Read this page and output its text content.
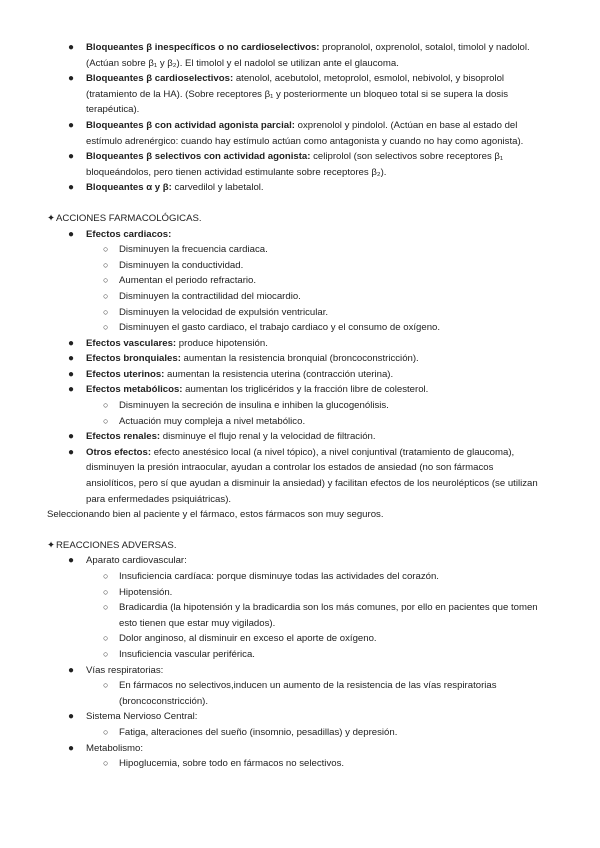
● Bloqueantes β inespecíficos o no cardioselectivos: propranolol, oxprenolol, sotalol, timolol y nadolol. (Actúan sobre β₁ y β₂). El timolol y el nadolol se utilizan ante el glaucoma.
● Bloqueantes β cardioselectivos: atenolol, acebutolol, metoprolol, esmolol, nebivolol, y bisoprolol (tratamiento de la HA). (Sobre receptores β₁ y posteriormente un bloqueo total si se supera la dosis terapéutica).
● Bloqueantes β con actividad agonista parcial: oxprenolol y pindolol. (Actúan en base al estado del estímulo adrenérgico: cuando hay estímulo actúan como antagonista y cuando no hay como agonista).
● Bloqueantes β selectivos con actividad agonista: celiprolol (son selectivos sobre receptores β₁ bloqueándolos, pero tienen actividad estimulante sobre receptores β₂).
● Bloqueantes α y β: carvedilol y labetalol.
✦ACCIONES FARMACOLÓGICAS.
● Efectos cardiacos:
○ Disminuyen la frecuencia cardiaca.
○ Disminuyen la conductividad.
○ Aumentan el periodo refractario.
○ Disminuyen la contractilidad del miocardio.
○ Disminuyen la velocidad de expulsión ventricular.
○ Disminuyen el gasto cardiaco, el trabajo cardiaco y el consumo de oxígeno.
● Efectos vasculares: produce hipotensión.
● Efectos bronquiales: aumentan la resistencia bronquial (broncoconstricción).
● Efectos uterinos: aumentan la resistencia uterina (contracción uterina).
● Efectos metabólicos: aumentan los triglicéridos y la fracción libre de colesterol.
○ Disminuyen la secreción de insulina e inhiben la glucogenólisis.
○ Actuación muy compleja a nivel metabólico.
● Efectos renales: disminuye el flujo renal y la velocidad de filtración.
● Otros efectos: efecto anestésico local (a nivel tópico), a nivel conjuntival (tratamiento de glaucoma), disminuyen la presión intraocular, ayudan a controlar los estados de ansiedad (no son fármacos ansiolíticos, pero sí que ayudan a disminuir la ansiedad) y facilitan efectos de los neurolépticos (se utilizan para enfermedades psiquiátricas).
Seleccionando bien al paciente y el fármaco, estos fármacos son muy seguros.
✦REACCIONES ADVERSAS.
● Aparato cardiovascular:
○ Insuficiencia cardíaca: porque disminuye todas las actividades del corazón.
○ Hipotensión.
○ Bradicardia (la hipotensión y la bradicardia son los más comunes, por ello en pacientes que tomen esto tienen que estar muy vigilados).
○ Dolor anginoso, al disminuir en exceso el aporte de oxígeno.
○ Insuficiencia vascular periférica.
● Vías respiratorias:
○ En fármacos no selectivos,inducen un aumento de la resistencia de las vías respiratorias (broncoconstricción).
● Sistema Nervioso Central:
○ Fatiga, alteraciones del sueño (insomnio, pesadillas) y depresión.
● Metabolismo:
○ Hipoglucemia, sobre todo en fármacos no selectivos.
